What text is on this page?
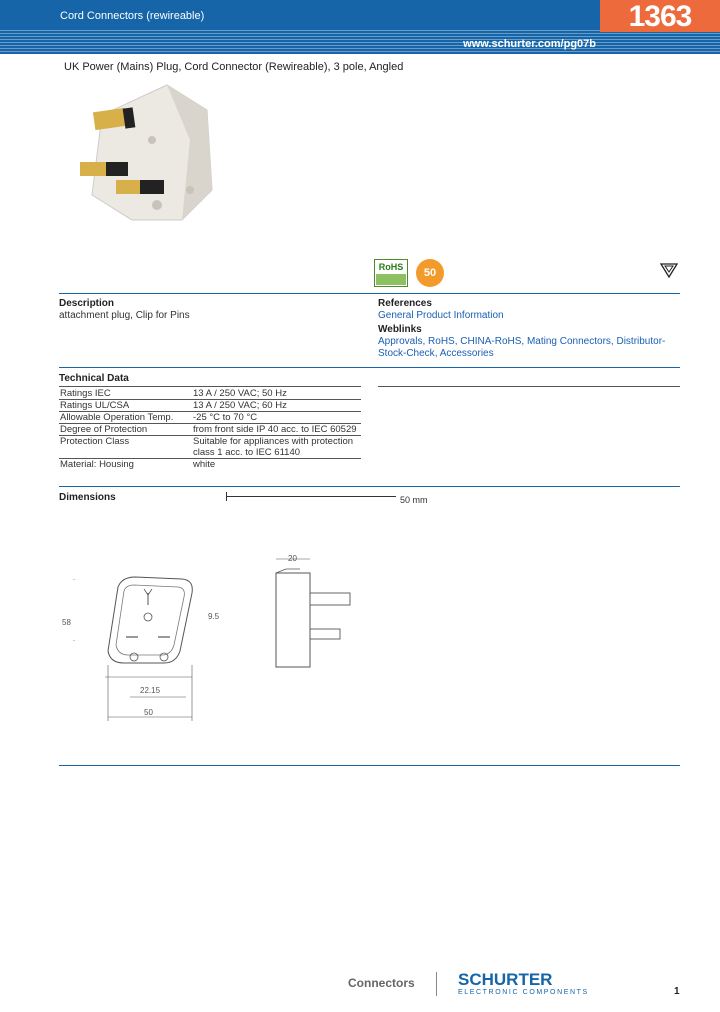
Cord Connectors (rewireable)
www.schurter.com/pg07b
1363
UK Power (Mains) Plug, Cord Connector (Rewireable), 3 pole, Angled
RoHS	50
Description
attachment plug, Clip for Pins
References
General Product Information
Weblinks
Approvals, RoHS, CHINA-RoHS, Mating Connectors, Distributor-Stock-Check, Accessories
Technical Data
Ratings IEC	13 A / 250 VAC; 50 Hz
Ratings UL/CSA	13 A / 250 VAC; 60 Hz
Allowable Operation Temp.	-25 °C to 70 °C
Degree of Protection	from front side IP 40 acc. to IEC 60529
Protection Class	Suitable for appliances with protection class 1 acc. to IEC 61140
Material: Housing	white
Dimensions	50 mm
58
22.15
50
9.5
20
Connectors	SCHURTER
ELECTRONIC COMPONENTS	1
